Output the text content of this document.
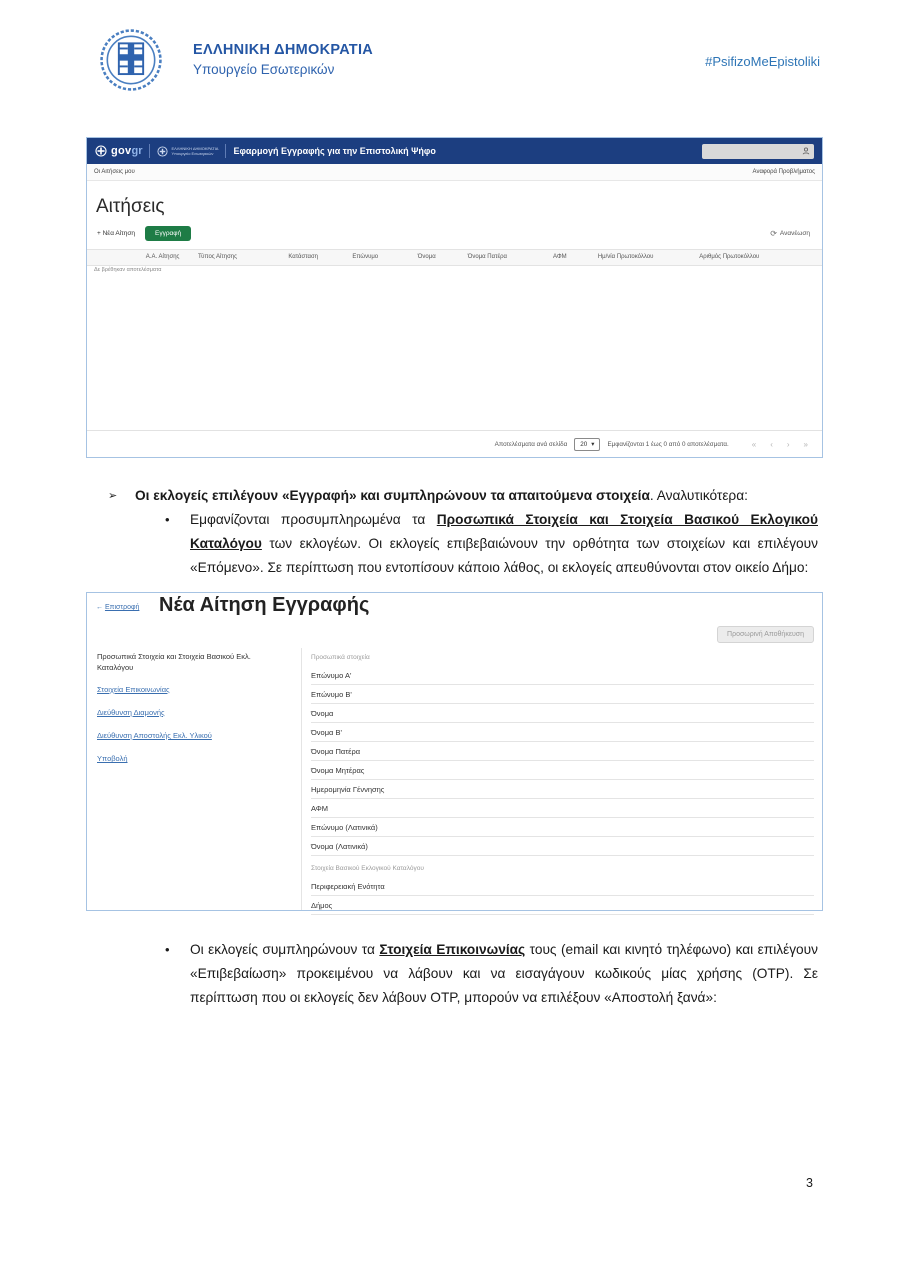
ΕΛΛΗΝΙΚΗ ΔΗΜΟΚΡΑΤΙΑ
Υπουργείο Εσωτερικών
#PsifizoMeEpistoliki
gov gr	ΕΛΛΗΝΙΚΗ ΔΗΜΟΚΡΑΤΙΑ
Υπουργείο Εσωτερικών	Εφαρμογή Εγγραφής για την Επιστολική Ψήφο
Οι Αιτήσεις μου	Αναφορά Προβλήματος
Αιτήσεις
+ Νέα Αίτηση	Εγγραφή	⟳ Ανανέωση
Α.Α. Αίτησης	Τύπος Αίτησης	Κατάσταση	Επώνυμο	Όνομα	Όνομα Πατέρα	ΑΦΜ	Ημ/νία Πρωτοκόλλου	Αριθμός Πρωτοκόλλου
Δε βρέθηκαν αποτελέσματα
Αποτελέσματα ανά σελίδα 20 ▾ Εμφανίζονται 1 έως 0 από 0 αποτελέσματα.	« ‹ › »
➢	Οι εκλογείς επιλέγουν «Εγγραφή» και συμπληρώνουν τα απαιτούμενα στοιχεία. Αναλυτικότερα:
•	Εμφανίζονται προσυμπληρωμένα τα Προσωπικά Στοιχεία και Στοιχεία Βασικού Εκλογικού Καταλόγου των εκλογέων. Οι εκλογείς επιβεβαιώνουν την ορθότητα των στοιχείων και επιλέγουν «Επόμενο». Σε περίπτωση που εντοπίσουν κάποιο λάθος, οι εκλογείς απευθύνονται στον οικείο Δήμο:

← Επιστροφή Νέα Αίτηση Εγγραφής
Προσωρινή Αποθήκευση
Προσωπικά Στοιχεία και Στοιχεία Βασικού Εκλ. Καταλόγου
Στοιχεία Επικοινωνίας
Διεύθυνση Διαμονής
Διεύθυνση Αποστολής Εκλ. Υλικού
Υποβολή
Προσωπικά στοιχεία
Επώνυμο Α'
Επώνυμο Β'
Όνομα
Όνομα Β'
Όνομα Πατέρα
Όνομα Μητέρας
Ημερομηνία Γέννησης
ΑΦΜ
Επώνυμο (Λατινικά)
Όνομα (Λατινικά)
Στοιχεία Βασικού Εκλογικού Καταλόγου
Περιφερειακή Ενότητα
Δήμος
•	Οι εκλογείς συμπληρώνουν τα Στοιχεία Επικοινωνίας τους (email και κινητό τηλέφωνο) και επιλέγουν «Επιβεβαίωση» προκειμένου να λάβουν και να εισαγάγουν κωδικούς μίας χρήσης (OTP). Σε περίπτωση που οι εκλογείς δεν λάβουν OTP, μπορούν να επιλέξουν «Αποστολή ξανά»:

3
